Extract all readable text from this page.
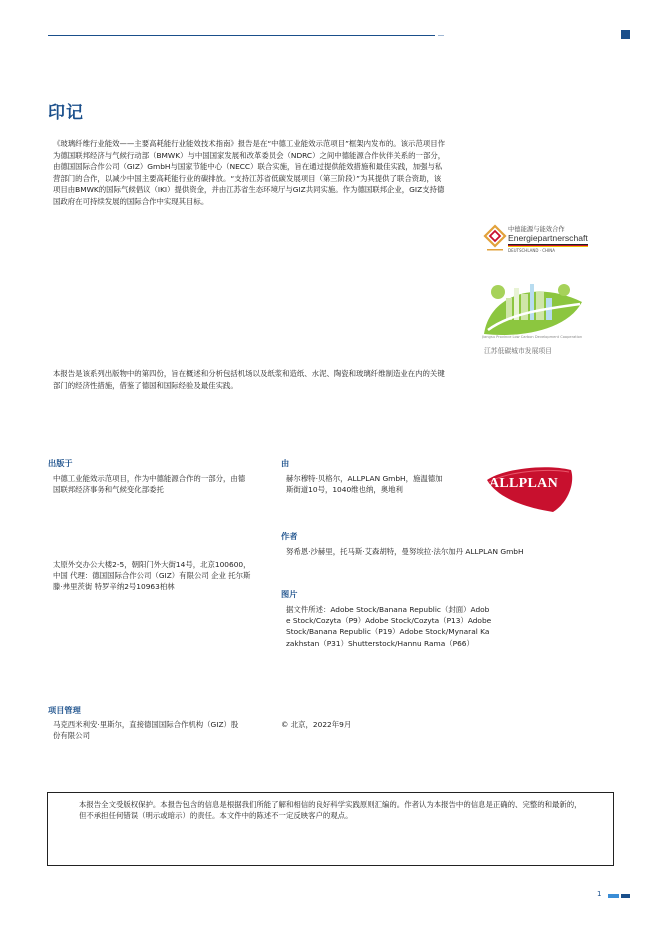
印记
《玻璃纤维行业能效——主要高耗能行业能效技术指南》报告是在“中德工业能效示范项目”框架内发布的。该示范项目作为德国联邦经济与气候行动部（BMWK）与中国国家发展和改革委员会（NDRC）之间中德能源合作伙伴关系的一部分，由德国国际合作公司（GIZ）GmbH与国家节能中心（NECC）联合实施，旨在通过提供能效措施和最佳实践，加强与私营部门的合作，以减少中国主要高耗能行业的碳排放。“支持江苏省低碳发展项目（第三阶段）”为其提供了联合资助，该项目由BMWK的国际气候倡议（IKI）提供资金，并由江苏省生态环境厅与GIZ共同实施。作为德国联邦企业，GIZ支持德国政府在可持续发展的国际合作中实现其目标。
中德能源与能效合作
Energiepartnerschaft
DEUTSCHLAND · CHINA
Jiangsu Province Low Carbon Development Cooperation
江苏低碳城市发展项目
本报告是该系列出版物中的第四份，旨在概述和分析包括机场以及纸浆和造纸、水泥、陶瓷和玻璃纤维制造业在内的关键部门的经济性措施，借鉴了德国和国际经验及最佳实践。
出版于
中德工业能效示范项目，作为中德能源合作的一部分，由德国联邦经济事务和气候变化部委托
太原外交办公大楼2-5，朝阳门外大街14号，北京100600，中国 代理：德国国际合作公司（GIZ）有限公司 企业 托尔斯滕·弗里茨街 特罗辛纳2号10963柏林
由
赫尔穆特·贝格尔，ALLPLAN GmbH，施温德加斯街道10号，1040维也纳，奥地利	ALLPLAN
作者
努希恩·沙赫里，托马斯·艾森胡特，曼努埃拉·法尔加丹 ALLPLAN GmbH
图片
据文件所述：Adobe Stock/Banana Republic（封面）Adobe Stock/Cozyta（P9）Adobe Stock/Cozyta（P13）Adobe Stock/Banana Republic（P19）Adobe Stock/Mynaral Kazakhstan（P31）Shutterstock/Hannu Rama（P66）
项目管理
马克西米利安·里斯尔，直接德国国际合作机构（GIZ）股份有限公司
© 北京，2022年9月
本报告全文受版权保护。本报告包含的信息是根据我们所能了解和相信的良好科学实践原则汇编的。作者认为本报告中的信息是正确的、完整的和最新的，但不承担任何错误（明示或暗示）的责任。本文件中的陈述不一定反映客户的观点。
1
